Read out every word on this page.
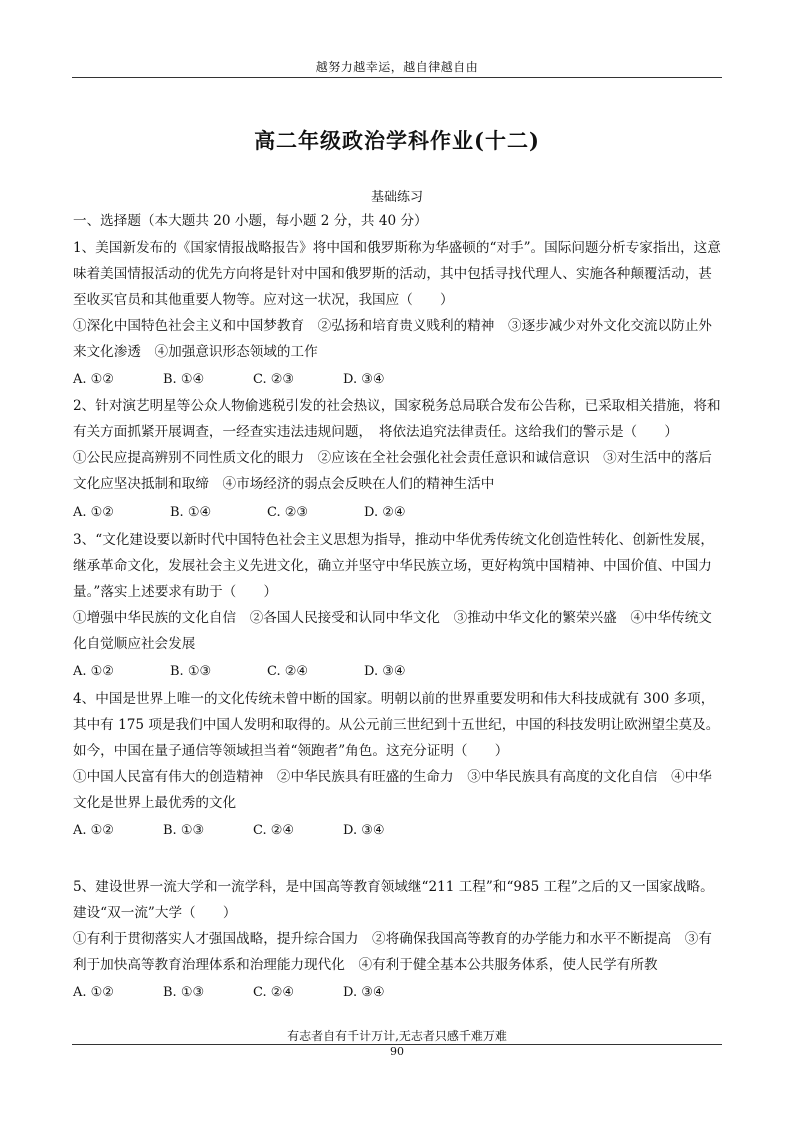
越努力越幸运，越自律越自由
高二年级政治学科作业(十二)
基础练习

一、选择题（本大题共 20 小题，每小题 2 分，共 40 分）

1、美国新发布的《国家情报战略报告》将中国和俄罗斯称为华盛顿的“对手”。国际问题分析专家指出，这意味着美国情报活动的优先方向将是针对中国和俄罗斯的活动，其中包括寻找代理人、实施各种颠覆活动，甚至收买官员和其他重要人物等。应对这一状况，我国应（　　）

①深化中国特色社会主义和中国梦教育　②弘扬和培育贵义贱利的精神　③逐步减少对外文化交流以防止外来文化渗透　④加强意识形态领域的工作

A. ①②	B. ①④	C. ②③	D. ③④

2、针对演艺明星等公众人物偷逃税引发的社会热议，国家税务总局联合发布公告称，已采取相关措施，将和有关方面抓紧开展调查，一经查实违法违规问题，　将依法追究法律责任。这给我们的警示是（　　）

①公民应提高辨别不同性质文化的眼力　②应该在全社会强化社会责任意识和诚信意识　③对生活中的落后文化应坚决抵制和取缔　④市场经济的弱点会反映在人们的精神生活中

A. ①②	B. ①④	C. ②③	D. ②④

3、“文化建设要以新时代中国特色社会主义思想为指导，推动中华优秀传统文化创造性转化、创新性发展，继承革命文化，发展社会主义先进文化，确立并坚守中华民族立场，更好构筑中国精神、中国价值、中国力量。”落实上述要求有助于（　　）

①增强中华民族的文化自信　②各国人民接受和认同中华文化　③推动中华文化的繁荣兴盛　④中华传统文化自觉顺应社会发展

A. ①②	B. ①③	C. ②④	D. ③④

4、中国是世界上唯一的文化传统未曾中断的国家。明朝以前的世界重要发明和伟大科技成就有 300 多项，其中有 175 项是我们中国人发明和取得的。从公元前三世纪到十五世纪，中国的科技发明让欧洲望尘莫及。如今，中国在量子通信等领域担当着“领跑者”角色。这充分证明（　　）

①中国人民富有伟大的创造精神　②中华民族具有旺盛的生命力　③中华民族具有高度的文化自信　④中华文化是世界上最优秀的文化

A. ①②	B. ①③	C. ②④	D. ③④

5、建设世界一流大学和一流学科，是中国高等教育领域继“211 工程”和“985 工程”之后的又一国家战略。建设“双一流”大学（　　）

①有利于贯彻落实人才强国战略，提升综合国力　②将确保我国高等教育的办学能力和水平不断提高　③有利于加快高等教育治理体系和治理能力现代化　④有利于健全基本公共服务体系，使人民学有所教

A. ①②	B. ①③	C. ②④	D. ③④
有志者自有千计万计,无志者只感千难万难
90
